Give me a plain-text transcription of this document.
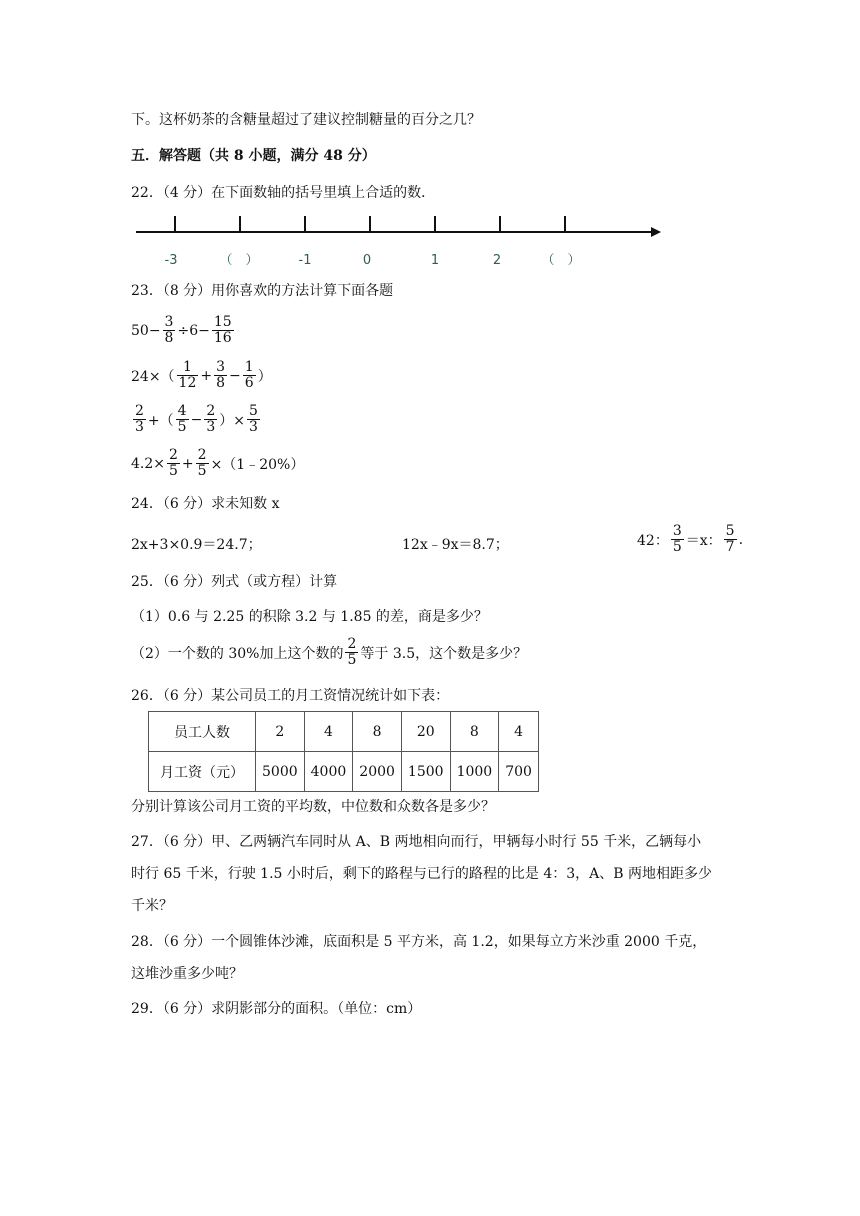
下。这杯奶茶的含糖量超过了建议控制糖量的百分之几？
五．解答题（共 8 小题，满分 48 分）
22．（4 分）在下面数轴的括号里填上合适的数．
-3	（　）	-1	0	1	2	（　）
23．（8 分）用你喜欢的方法计算下面各题
$50- \frac{3}{8} \div 6- \frac{15}{16}$
$24\times( \frac{1}{12} + \frac{3}{8} - \frac{1}{6}$ ）
$\frac{2}{3}$ +（ $\frac{4}{5} - \frac{2}{3}$ ）× $\frac{5}{3}$
$4.2\times \frac{2}{5} + \frac{2}{5}$ ×（1﹣20%）
24．（6 分）求未知数 x
2x+3×0.9＝24.7；	12x﹣9x＝8.7；	42： $\frac{3}{5} =x$： $\frac{5}{7}$ .
25．（6 分）列式（或方程）计算
（1）0.6 与 2.25 的积除 3.2 与 1.85 的差，商是多少？
（2）一个数的 30%加上这个数的 $\frac{2}{5}$ 等于 3.5，这个数是多少？
26．（6 分）某公司员工的月工资情况统计如下表：
员工人数	2	4	8	20	8	4
月工资（元）	5000	4000	2000	1500	1000	700
分别计算该公司月工资的平均数，中位数和众数各是多少？
27．（6 分）甲、乙两辆汽车同时从 A、B 两地相向而行，甲辆每小时行 55 千米，乙辆每小
时行 65 千米，行驶 1.5 小时后，剩下的路程与已行的路程的比是 4：3，A、B 两地相距多少
千米？
28．（6 分）一个圆锥体沙滩，底面积是 5 平方米，高 1.2，如果每立方米沙重 2000 千克，
这堆沙重多少吨？
29．（6 分）求阴影部分的面积。（单位：cm）
